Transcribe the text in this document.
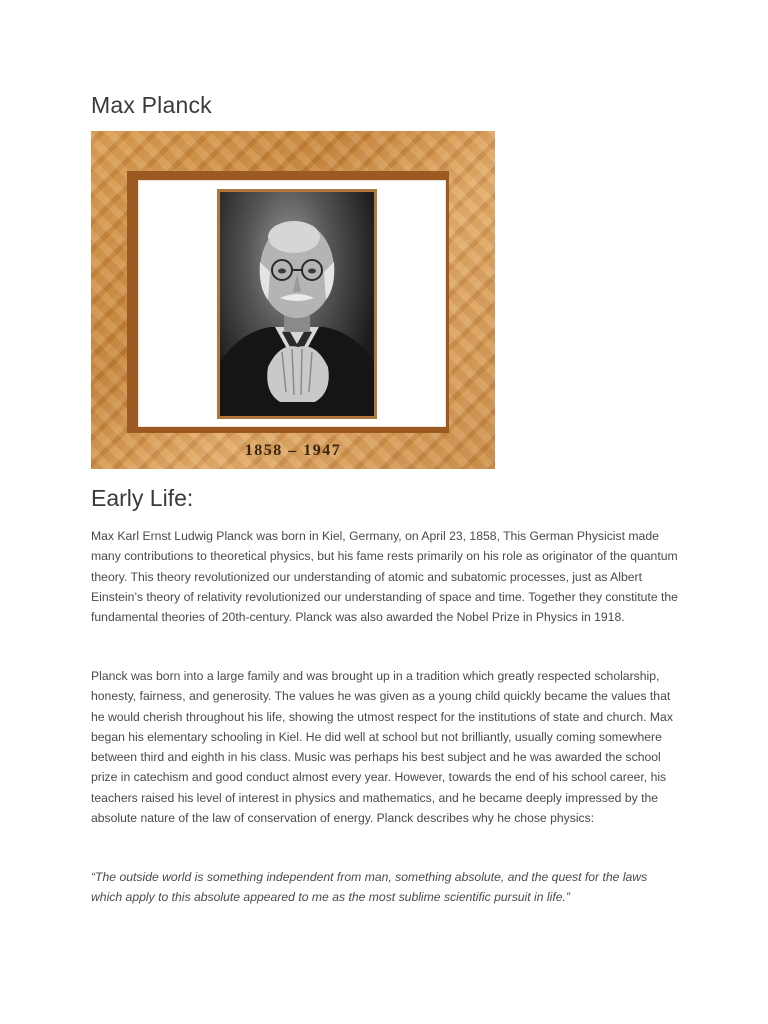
Max Planck
1858 – 1947
Early Life:

Max Karl Ernst Ludwig Planck was born in Kiel, Germany, on April 23, 1858, This German Physicist made many contributions to theoretical physics, but his fame rests primarily on his role as originator of the quantum theory. This theory revolutionized our understanding of atomic and subatomic processes, just as Albert Einstein’s theory of relativity revolutionized our understanding of space and time. Together they constitute the fundamental theories of 20th-century. Planck was also awarded the Nobel Prize in Physics in 1918.

Planck was born into a large family and was brought up in a tradition which greatly respected scholarship, honesty, fairness, and generosity. The values he was given as a young child quickly became the values that he would cherish throughout his life, showing the utmost respect for the institutions of state and church. Max began his elementary schooling in Kiel. He did well at school but not brilliantly, usually coming somewhere between third and eighth in his class. Music was perhaps his best subject and he was awarded the school prize in catechism and good conduct almost every year. However, towards the end of his school career, his teachers raised his level of interest in physics and mathematics, and he became deeply impressed by the absolute nature of the law of conservation of energy. Planck describes why he chose physics:

“The outside world is something independent from man, something absolute, and the quest for the laws which apply to this absolute appeared to me as the most sublime scientific pursuit in life.”
